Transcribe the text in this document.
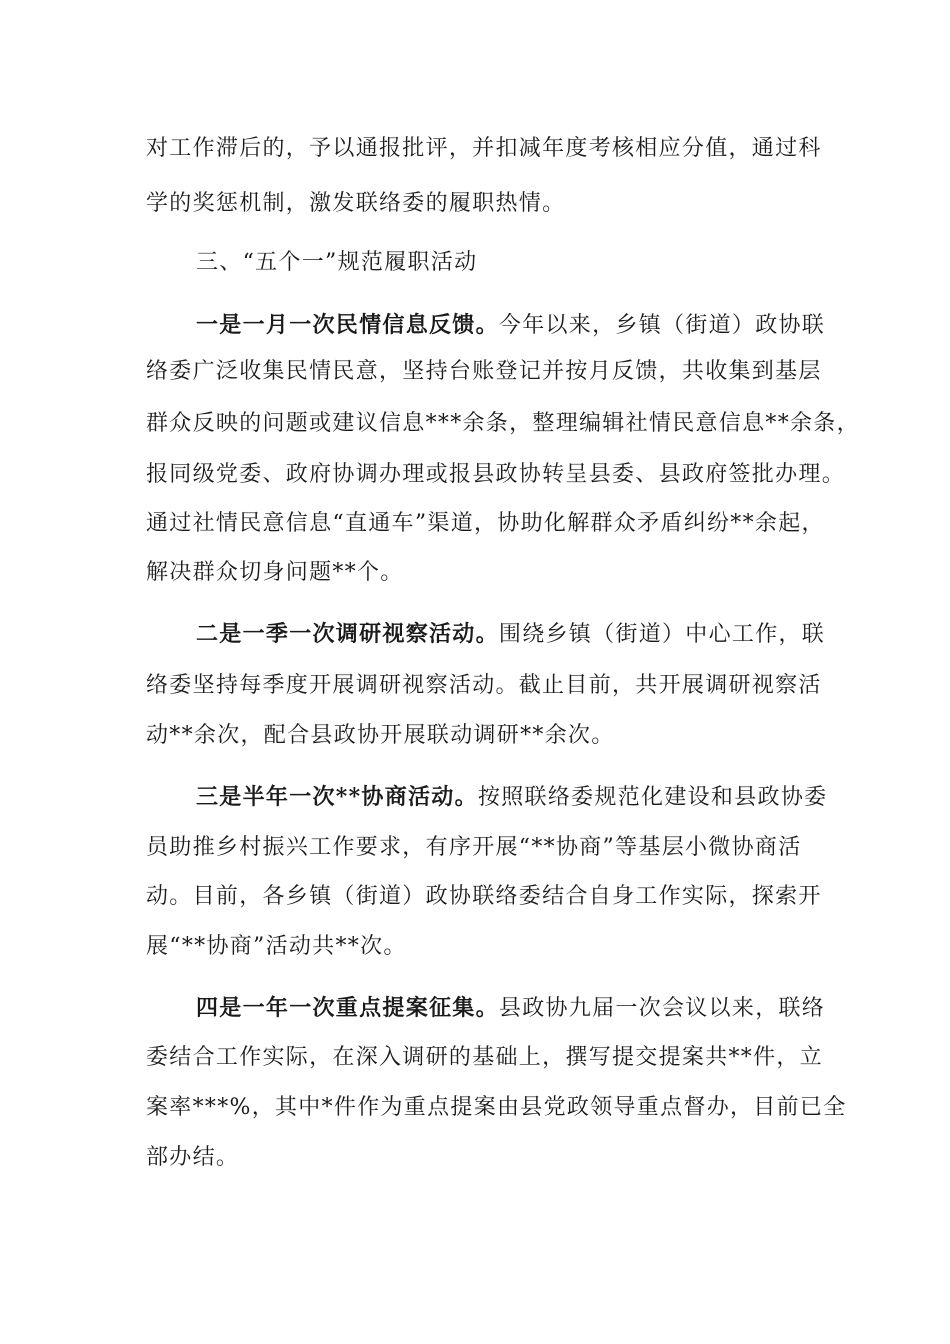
对工作滞后的，予以通报批评，并扣减年度考核相应分值，通过科
学的奖惩机制，激发联络委的履职热情。
三、“五个一”规范履职活动
一是一月一次民情信息反馈。今年以来，乡镇（街道）政协联
络委广泛收集民情民意，坚持台账登记并按月反馈，共收集到基层
群众反映的问题或建议信息***余条，整理编辑社情民意信息**余条，
报同级党委、政府协调办理或报县政协转呈县委、县政府签批办理。
通过社情民意信息“直通车”渠道，协助化解群众矛盾纠纷**余起，
解决群众切身问题**个。
二是一季一次调研视察活动。围绕乡镇（街道）中心工作，联
络委坚持每季度开展调研视察活动。截止目前，共开展调研视察活
动**余次，配合县政协开展联动调研**余次。
三是半年一次**协商活动。按照联络委规范化建设和县政协委
员助推乡村振兴工作要求，有序开展“**协商”等基层小微协商活
动。目前，各乡镇（街道）政协联络委结合自身工作实际，探索开
展“**协商”活动共**次。
四是一年一次重点提案征集。县政协九届一次会议以来，联络
委结合工作实际，在深入调研的基础上，撰写提交提案共**件，立
案率***%，其中*件作为重点提案由县党政领导重点督办，目前已全
部办结。
